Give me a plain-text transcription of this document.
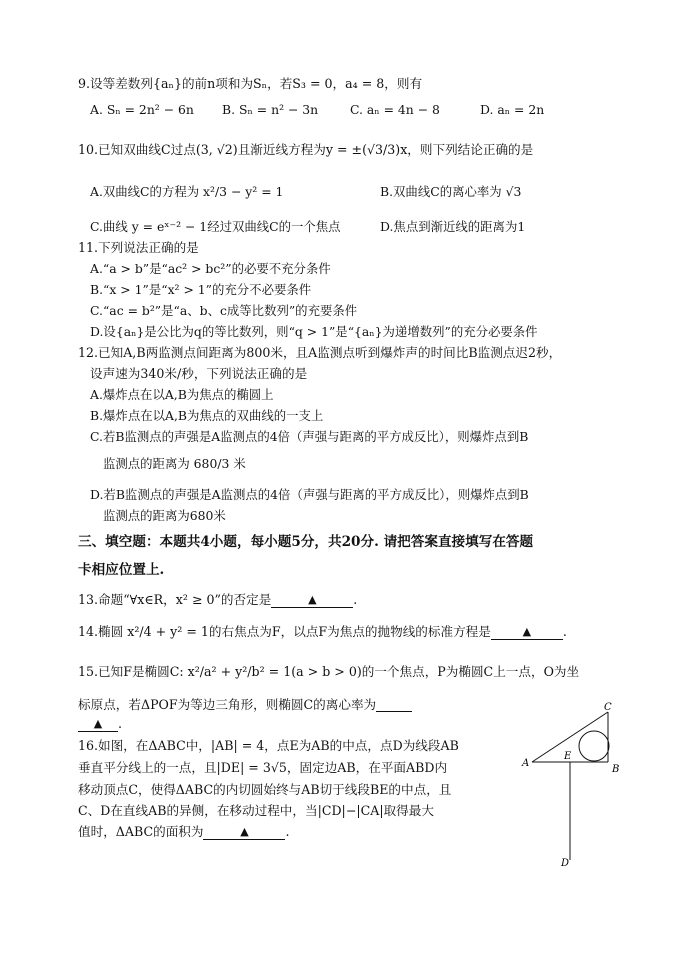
9.设等差数列{aₙ}的前n项和为Sₙ，若S₃ = 0，a₄ = 8，则有
A. Sₙ = 2n² − 6n B. Sₙ = n² − 3n	C. aₙ = 4n − 8	D. aₙ = 2n
10.已知双曲线C过点(3, √2)且渐近线方程为y = ±(√3/3)x，则下列结论正确的是
A.双曲线C的方程为 x²/3 − y² = 1	B.双曲线C的离心率为 √3
C.曲线 y = eˣ⁻² − 1经过双曲线C的一个焦点	D.焦点到渐近线的距离为1
11.下列说法正确的是
A.“a > b”是“ac² > bc²”的必要不充分条件
B.“x > 1”是“x² > 1”的充分不必要条件
C.“ac = b²”是“a、b、c成等比数列”的充要条件
D.设{aₙ}是公比为q的等比数列，则“q > 1”是“{aₙ}为递增数列”的充分必要条件
12.已知A,B两监测点间距离为800米，且A监测点听到爆炸声的时间比B监测点迟2秒，
设声速为340米/秒，下列说法正确的是
A.爆炸点在以A,B为焦点的椭圆上
B.爆炸点在以A,B为焦点的双曲线的一支上
C.若B监测点的声强是A监测点的4倍（声强与距离的平方成反比），则爆炸点到B
监测点的距离为 680/3 米
D.若B监测点的声强是A监测点的4倍（声强与距离的平方成反比），则爆炸点到B
监测点的距离为680米
三、填空题：本题共4小题，每小题5分，共20分. 请把答案直接填写在答题
卡相应位置上.
13.命题“∀x∈R，x² ≥ 0”的否定是	▲	.
14.椭圆 x²/4 + y² = 1的右焦点为F，以点F为焦点的抛物线的标准方程是	▲	.
15.已知F是椭圆C: x²/a² + y²/b² = 1(a > b > 0)的一个焦点，P为椭圆C上一点，O为坐
标原点，若ΔPOF为等边三角形，则椭圆C的离心率为
▲ .
16.如图，在ΔABC中，|AB| = 4，点E为AB的中点，点D为线段AB
垂直平分线上的一点，且|DE| = 3√5，固定边AB，在平面ABD内
移动顶点C，使得ΔABC的内切圆始终与AB切于线段BE的中点，且
C、D在直线AB的异侧，在移动过程中，当|CD|−|CA|取得最大
值时，ΔABC的面积为	▲	.
A
B
C
D
E
